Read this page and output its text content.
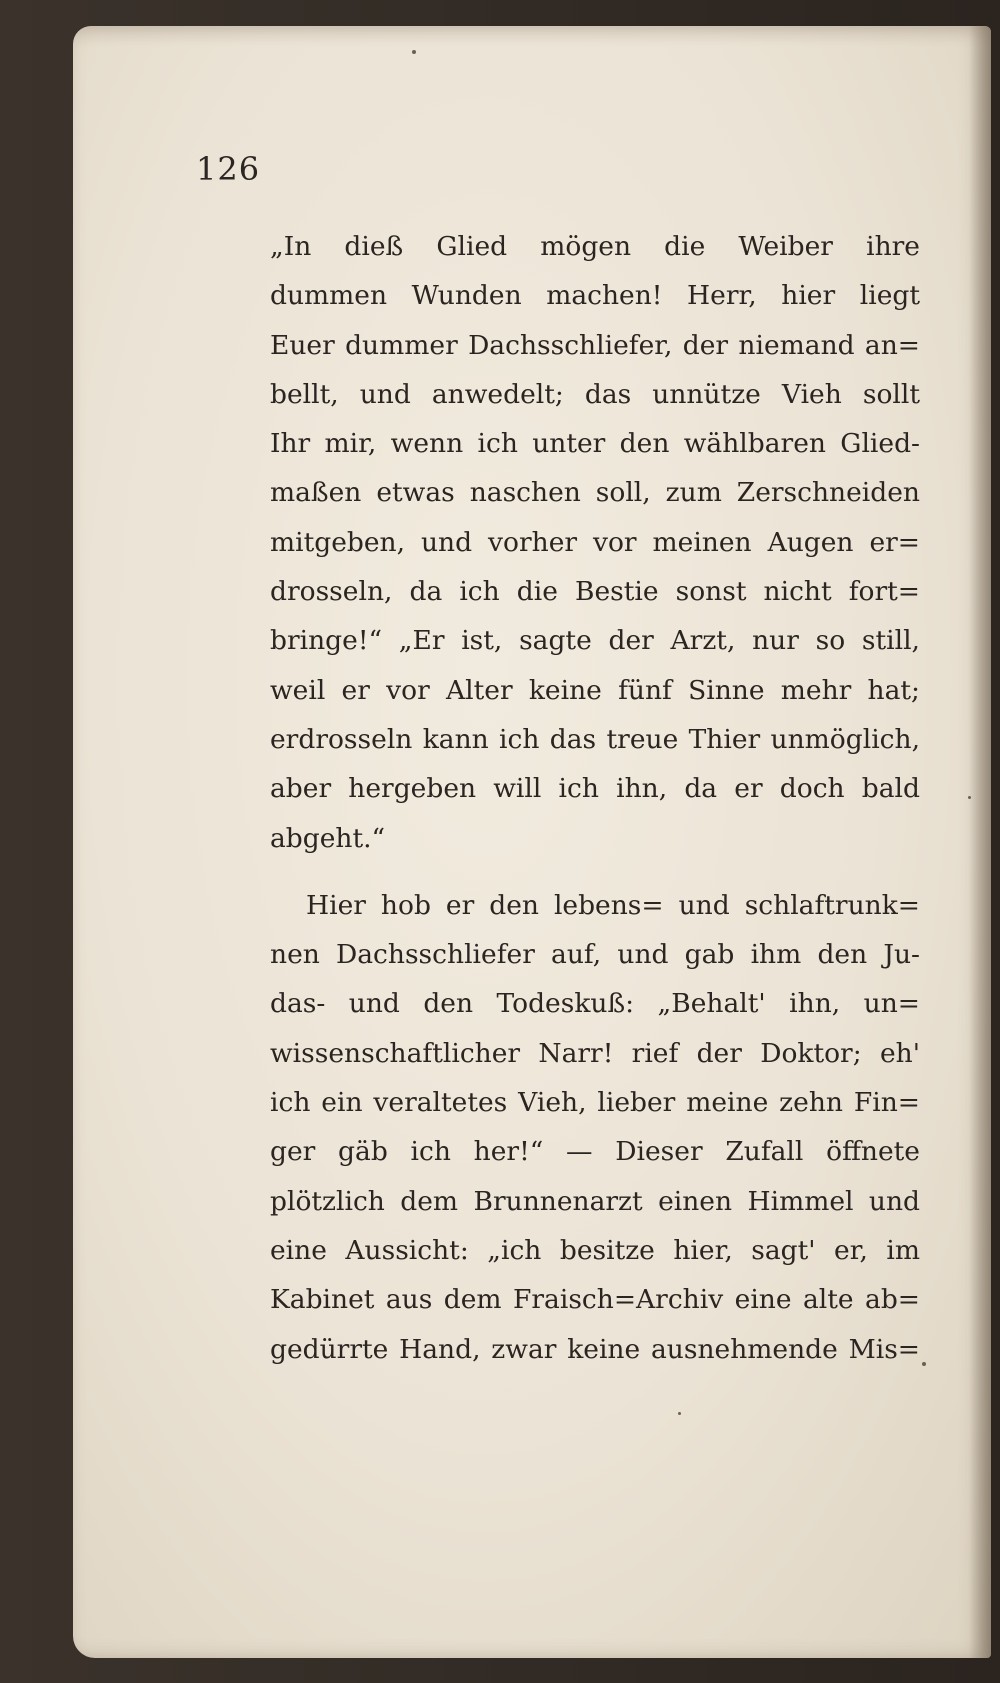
126
„In dieß Glied mögen die Weiber ihre
dummen Wunden machen! Herr, hier liegt
Euer dummer Dachsschliefer, der niemand an=
bellt, und anwedelt; das unnütze Vieh sollt
Ihr mir, wenn ich unter den wählbaren Glied-
maßen etwas naschen soll, zum Zerschneiden
mitgeben, und vorher vor meinen Augen er=
drosseln, da ich die Bestie sonst nicht fort=
bringe!“ „Er ist, sagte der Arzt, nur so still,
weil er vor Alter keine fünf Sinne mehr hat;
erdrosseln kann ich das treue Thier unmöglich,
aber hergeben will ich ihn, da er doch bald
abgeht.“
Hier hob er den lebens= und schlaftrunk=
nen Dachsschliefer auf, und gab ihm den Ju-
das- und den Todeskuß: „Behalt' ihn, un=
wissenschaftlicher Narr! rief der Doktor; eh'
ich ein veraltetes Vieh, lieber meine zehn Fin=
ger gäb ich her!“ — Dieser Zufall öffnete
plötzlich dem Brunnenarzt einen Himmel und
eine Aussicht: „ich besitze hier, sagt' er, im
Kabinet aus dem Fraisch=Archiv eine alte ab=
gedürrte Hand, zwar keine ausnehmende Mis=
